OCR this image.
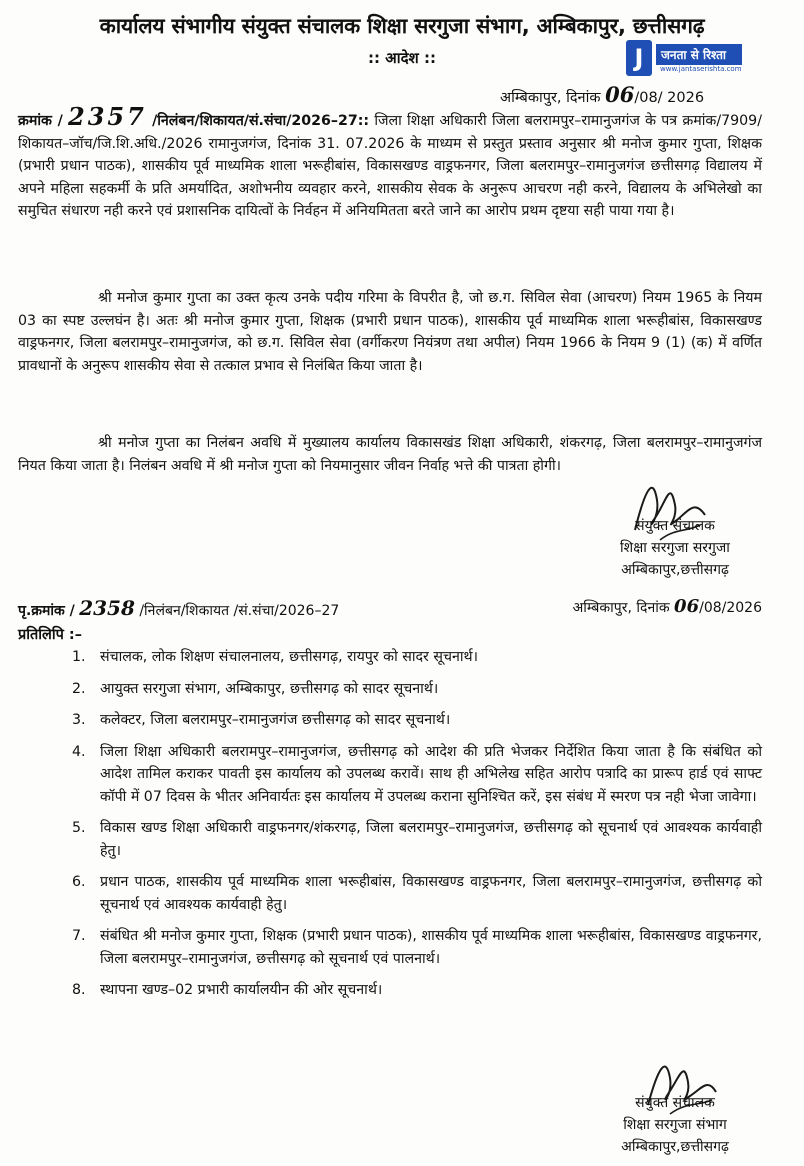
कार्यालय संभागीय संयुक्त संचालक शिक्षा सरगुजा संभाग, अम्बिकापुर, छत्तीसगढ़
:: आदेश ::	J	जनता से रिश्ता
www.jantaserishta.com
अम्बिकापुर, दिनांक 06/08/ 2026
क्रमांक / 2357 /निलंबन/शिकायत/सं.संचा/2026–27:: जिला शिक्षा अधिकारी जिला बलरामपुर–रामानुजगंज के पत्र क्रमांक/7909/शिकायत–जॉच/जि.शि.अधि./2026 रामानुजगंज, दिनांक 31. 07.2026 के माध्यम से प्रस्तुत प्रस्ताव अनुसार श्री मनोज कुमार गुप्ता, शिक्षक (प्रभारी प्रधान पाठक), शासकीय पूर्व माध्यमिक शाला भरूहीबांस, विकासखण्ड वाड्रफनगर, जिला बलरामपुर–रामानुजगंज छत्तीसगढ़ विद्यालय में अपने महिला सहकर्मी के प्रति अमर्यादित, अशोभनीय व्यवहार करने, शासकीय सेवक के अनुरूप आचरण नही करने, विद्यालय के अभिलेखो का समुचित संधारण नही करने एवं प्रशासनिक दायित्वों के निर्वहन में अनियमितता बरते जाने का आरोप प्रथम दृष्टया सही पाया गया है।
श्री मनोज कुमार गुप्ता का उक्त कृत्य उनके पदीय गरिमा के विपरीत है, जो छ.ग. सिविल सेवा (आचरण) नियम 1965 के नियम 03 का स्पष्ट उल्लघंन है। अतः श्री मनोज कुमार गुप्ता, शिक्षक (प्रभारी प्रधान पाठक), शासकीय पूर्व माध्यमिक शाला भरूहीबांस, विकासखण्ड वाड्रफनगर, जिला बलरामपुर–रामानुजगंज, को छ.ग. सिविल सेवा (वर्गीकरण नियंत्रण तथा अपील) नियम 1966 के नियम 9 (1) (क) में वर्णित प्रावधानों के अनुरूप शासकीय सेवा से तत्काल प्रभाव से निलंबित किया जाता है।
श्री मनोज गुप्ता का निलंबन अवधि में मुख्यालय कार्यालय विकासखंड शिक्षा अधिकारी, शंकरगढ़, जिला बलरामपुर–रामानुजगंज नियत किया जाता है। निलंबन अवधि में श्री मनोज गुप्ता को नियमानुसार जीवन निर्वाह भत्ते की पात्रता होगी।
संयुक्त संचालक
शिक्षा सरगुजा सरगुजा
अम्बिकापुर,छत्तीसगढ़
पृ.क्रमांक / 2358 /निलंबन/शिकायत /सं.संचा/2026–27	अम्बिकापुर, दिनांक 06/08/2026
प्रतिलिपि :–
1. संचालक, लोक शिक्षण संचालनालय, छत्तीसगढ़, रायपुर को सादर सूचनार्थ।
2. आयुक्त सरगुजा संभाग, अम्बिकापुर, छत्तीसगढ़ को सादर सूचनार्थ।
3. कलेक्टर, जिला बलरामपुर–रामानुजगंज छत्तीसगढ़ को सादर सूचनार्थ।
4. जिला शिक्षा अधिकारी बलरामपुर–रामानुजगंज, छत्तीसगढ़ को आदेश की प्रति भेजकर निर्देशित किया जाता है कि संबंधित को आदेश तामिल कराकर पावती इस कार्यालय को उपलब्ध करावें। साथ ही अभिलेख सहित आरोप पत्रादि का प्रारूप हार्ड एवं साफ्ट कॉपी में 07 दिवस के भीतर अनिवार्यतः इस कार्यालय में उपलब्ध कराना सुनिश्चित करें, इस संबंध में स्मरण पत्र नही भेजा जावेगा।
5. विकास खण्ड शिक्षा अधिकारी वाड्रफनगर/शंकरगढ़, जिला बलरामपुर–रामानुजगंज, छत्तीसगढ़ को सूचनार्थ एवं आवश्यक कार्यवाही हेतु।
6. प्रधान पाठक, शासकीय पूर्व माध्यमिक शाला भरूहीबांस, विकासखण्ड वाड्रफनगर, जिला बलरामपुर–रामानुजगंज, छत्तीसगढ़ को सूचनार्थ एवं आवश्यक कार्यवाही हेतु।
7. संबंधित श्री मनोज कुमार गुप्ता, शिक्षक (प्रभारी प्रधान पाठक), शासकीय पूर्व माध्यमिक शाला भरूहीबांस, विकासखण्ड वाड्रफनगर, जिला बलरामपुर–रामानुजगंज, छत्तीसगढ़ को सूचनार्थ एवं पालनार्थ।
8. स्थापना खण्ड–02 प्रभारी कार्यालयीन की ओर सूचनार्थ।
संयुक्त संचालक
शिक्षा सरगुजा संभाग
अम्बिकापुर,छत्तीसगढ़
